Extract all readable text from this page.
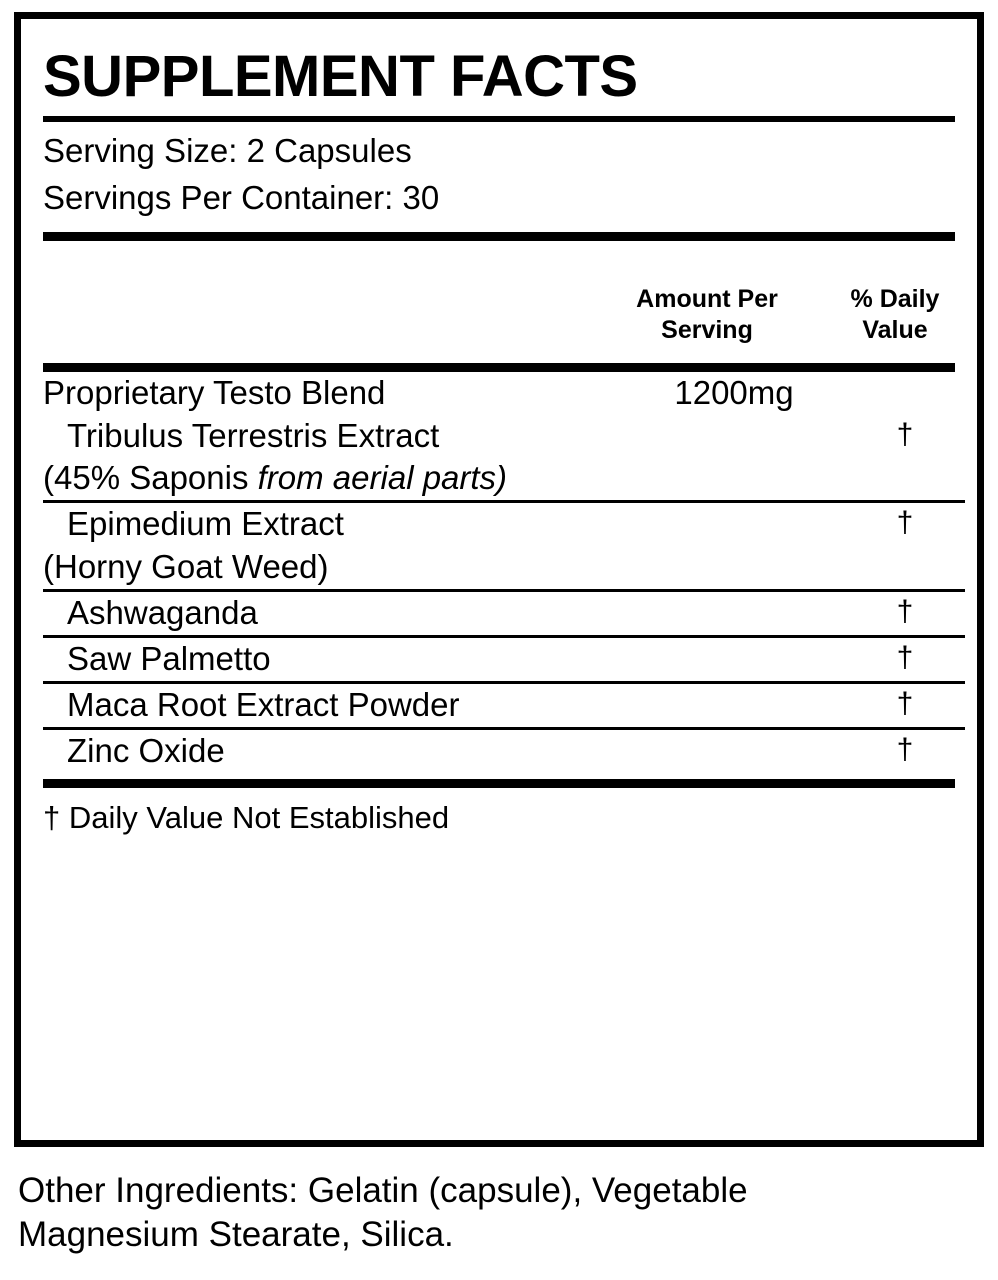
SUPPLEMENT FACTS
Serving Size: 2 Capsules
Servings Per Container: 30
Amount Per
Serving
% Daily
Value
Proprietary Testo Blend	1200mg	
Tribulus Terrestris Extract		†
(45% Saponis from aerial parts)		
Epimedium Extract		†
(Horny Goat Weed)		
Ashwaganda		†
Saw Palmetto		†
Maca Root Extract Powder		†
Zinc Oxide		†
† Daily Value Not Established
Other Ingredients: Gelatin (capsule), Vegetable
Magnesium Stearate, Silica.
